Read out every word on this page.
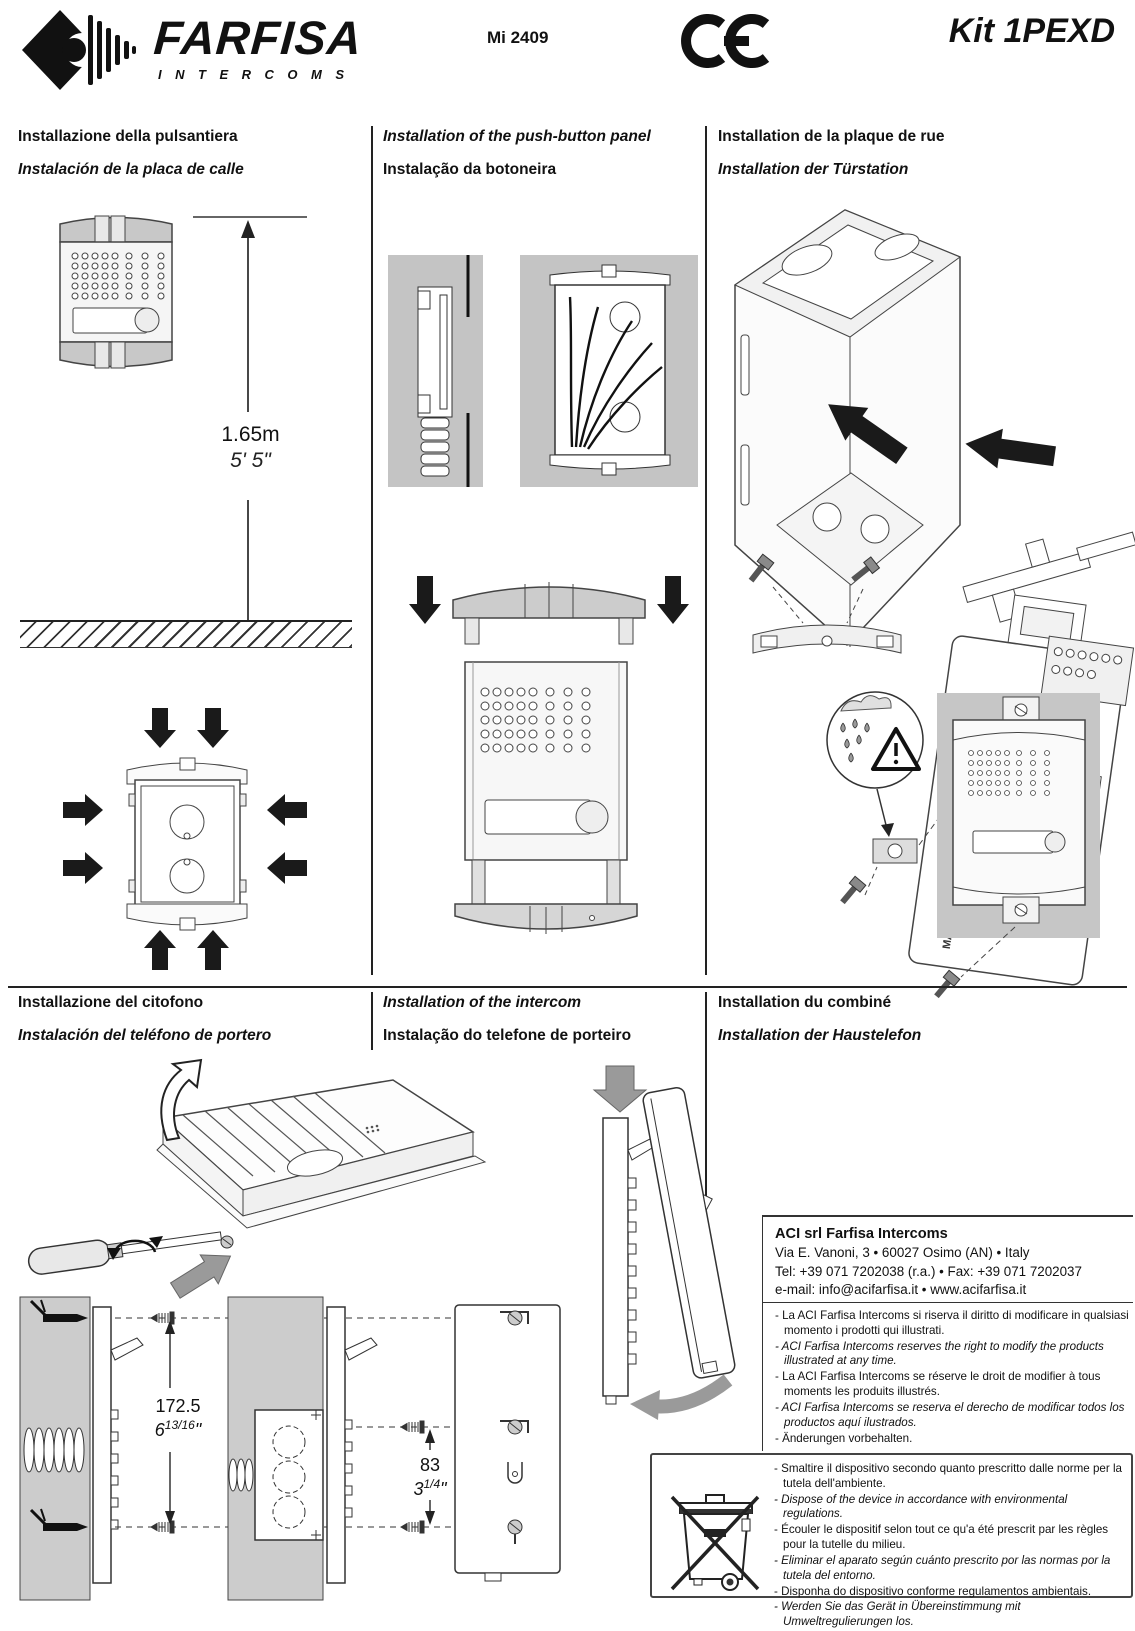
FARFISA
INTERCOMS
Mi 2409	Kit 1PEXD
Installazione della pulsantiera
Instalación de la placa de calle
Installation of the push-button panel
Instalação da botoneira
Installation de la plaque de rue
Installation der Türstation
1.65m
5' 5"
Installazione del citofono
Instalación del teléfono de portero
Installation of the intercom
Instalação do telefone de porteiro
Installation du combiné
Installation der Haustelefon
172.5
$6^{13/16}$"
83
$3^{1/4}$"
ACI srl Farfisa Intercoms
Via E. Vanoni, 3 • 60027 Osimo (AN) • Italy
Tel: +39 071 7202038 (r.a.) • Fax: +39 071 7202037
e-mail: info@acifarfisa.it • www.acifarfisa.it
- La ACI Farfisa Intercoms si riserva il diritto di modificare in qualsiasi momento i prodotti qui illustrati.
- ACI Farfisa Intercoms reserves the right to modify the products illustrated at any time.
- La ACI Farfisa Intercoms se réserve le droit de modifier à tous moments les produits illustrés.
- ACI Farfisa Intercoms se reserva el derecho de modificar todos los productos aquí ilustrados.
- Änderungen vorbehalten.
- Smaltire il dispositivo secondo quanto prescritto dalle norme per la tutela dell'ambiente.
- Dispose of the device in accordance with environmental regulations.
- Écouler le dispositif selon tout ce qu'a été prescrit par les règles pour la tutelle du milieu.
- Eliminar el aparato según cuánto prescrito por las normas por la tutela del entorno.
- Disponha do dispositivo conforme regulamentos ambientais.
- Werden Sie das Gerät in Übereinstimmung mit Umweltregulierungen los.
